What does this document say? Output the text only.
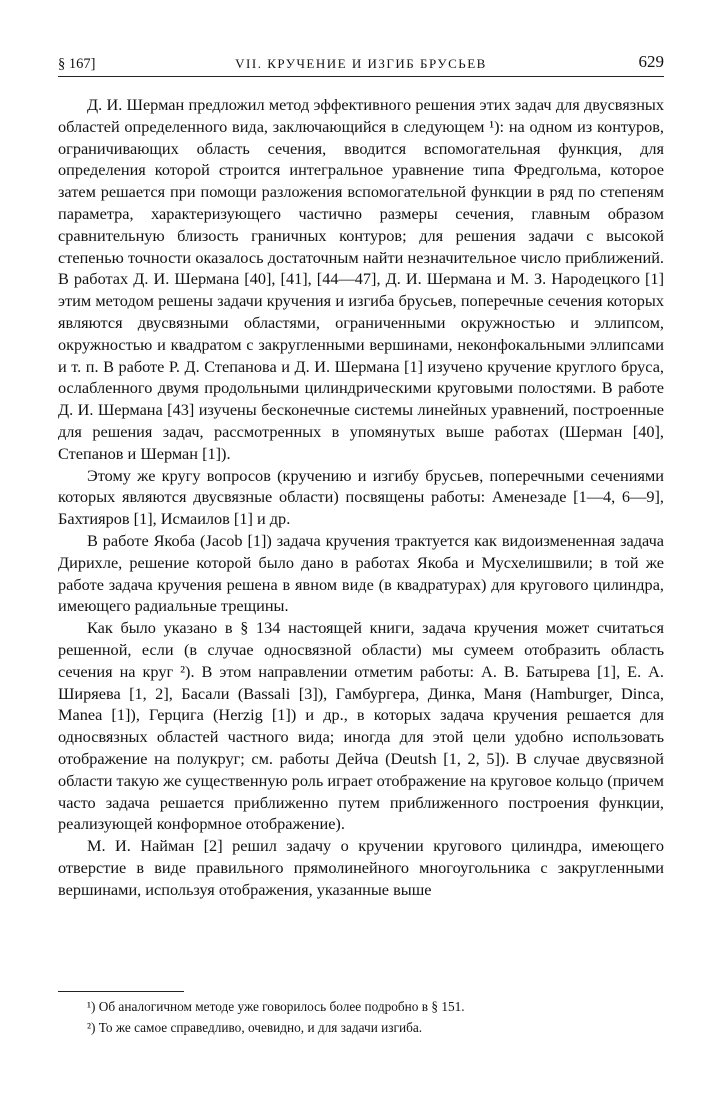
§ 167]	VII. КРУЧЕНИЕ И ИЗГИБ БРУСЬЕВ	629

Д. И. Шерман предложил метод эффективного решения этих задач для двусвязных областей определенного вида, заключающийся в следующем ¹): на одном из контуров, ограничивающих область сечения, вводится вспомогательная функция, для определения которой строится интегральное уравнение типа Фредгольма, которое затем решается при помощи разложения вспомогательной функции в ряд по степеням параметра, характеризующего частично размеры сечения, главным образом сравнительную близость граничных контуров; для решения задачи с высокой степенью точности оказалось достаточным найти незначительное число приближений. В работах Д. И. Шермана [40], [41], [44—47], Д. И. Шермана и М. З. Народецкого [1] этим методом решены задачи кручения и изгиба брусьев, поперечные сечения которых являются двусвязными областями, ограниченными окружностью и эллипсом, окружностью и квадратом с закругленными вершинами, неконфокальными эллипсами и т. п. В работе Р. Д. Степанова и Д. И. Шермана [1] изучено кручение круглого бруса, ослабленного двумя продольными цилиндрическими круговыми полостями. В работе Д. И. Шермана [43] изучены бесконечные системы линейных уравнений, построенные для решения задач, рассмотренных в упомянутых выше работах (Шерман [40], Степанов и Шерман [1]).

Этому же кругу вопросов (кручению и изгибу брусьев, поперечными сечениями которых являются двусвязные области) посвящены работы: Аменезаде [1—4, 6—9], Бахтияров [1], Исмаилов [1] и др.

В работе Якоба (Jacob [1]) задача кручения трактуется как видоизмененная задача Дирихле, решение которой было дано в работах Якоба и Мусхелишвили; в той же работе задача кручения решена в явном виде (в квадратурах) для кругового цилиндра, имеющего радиальные трещины.

Как было указано в § 134 настоящей книги, задача кручения может считаться решенной, если (в случае односвязной области) мы сумеем отобразить область сечения на круг ²). В этом направлении отметим работы: А. В. Батырева [1], Е. А. Ширяева [1, 2], Басали (Bassali [3]), Гамбургера, Динка, Маня (Hamburger, Dinca, Manea [1]), Герцига (Herzig [1]) и др., в которых задача кручения решается для односвязных областей частного вида; иногда для этой цели удобно использовать отображение на полукруг; см. работы Дейча (Deutsh [1, 2, 5]). В случае двусвязной области такую же существенную роль играет отображение на круговое кольцо (причем часто задача решается приближенно путем приближенного построения функции, реализующей конформное отображение).

М. И. Найман [2] решил задачу о кручении кругового цилиндра, имеющего отверстие в виде правильного прямолинейного многоугольника с закругленными вершинами, используя отображения, указанные выше

¹) Об аналогичном методе уже говорилось более подробно в § 151.

²) То же самое справедливо, очевидно, и для задачи изгиба.
